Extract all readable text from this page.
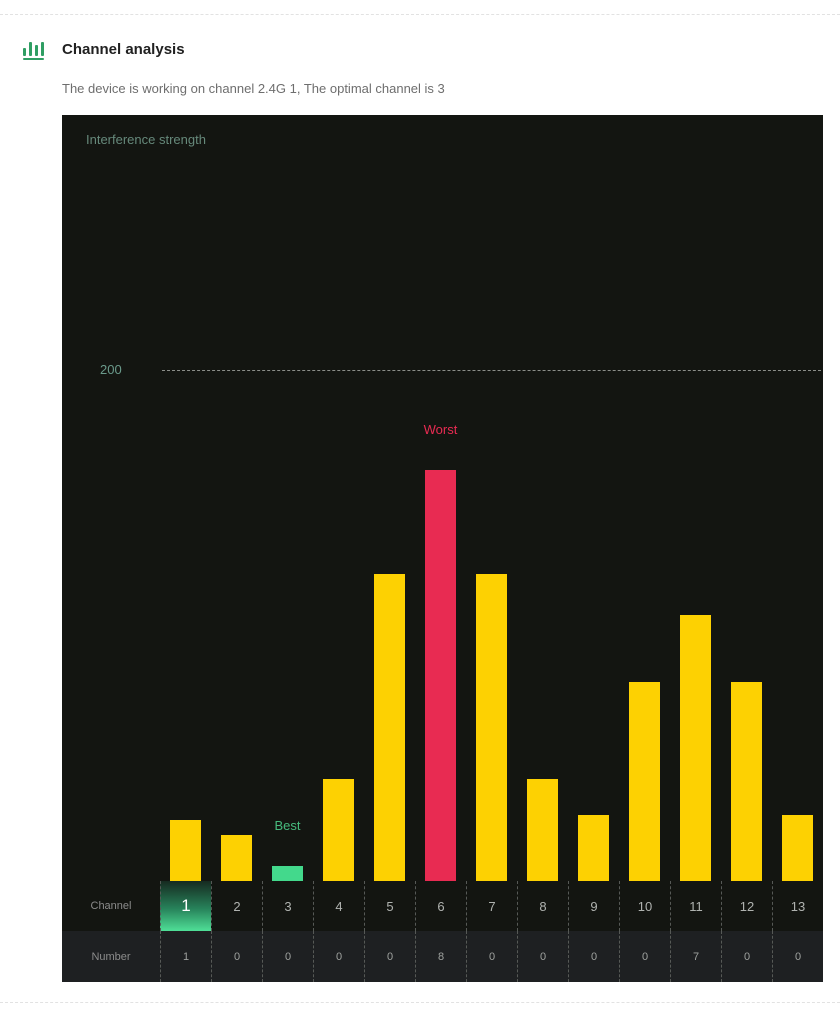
Channel analysis
The device is working on channel 2.4G 1, The optimal channel is 3
Interference strength
200
Channel	1	2	3	4	5	6	7	8	9	10	11	12	13
Number	1	0	0	0	0	8	0	0	0	0	7	0	0
Worst
Best
